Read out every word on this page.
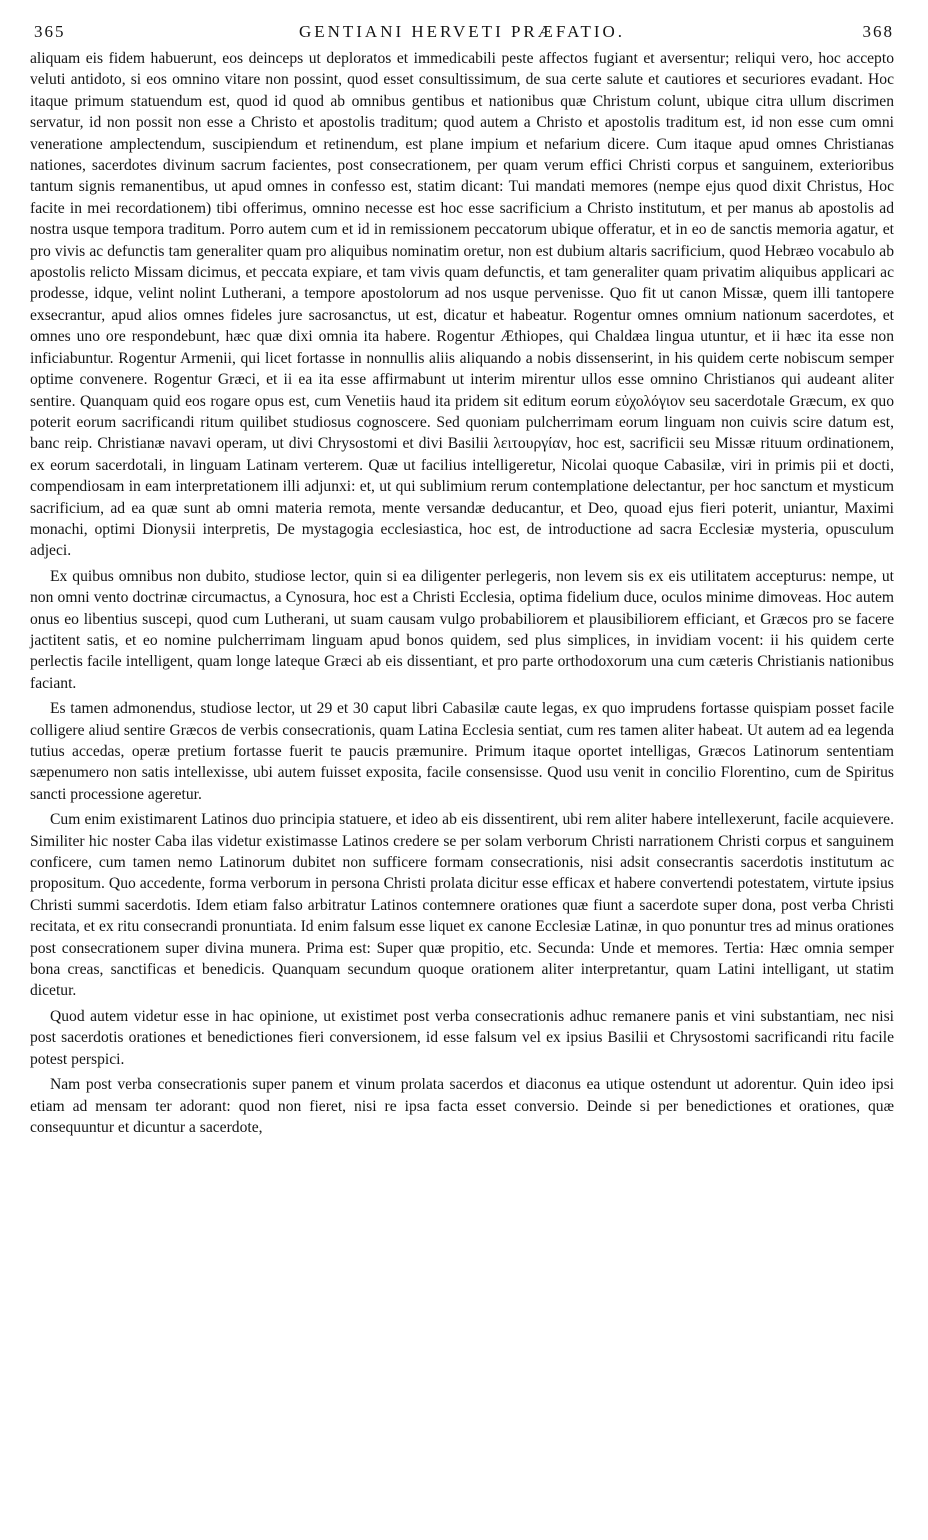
365	GENTIANI HERVETI PRÆFATIO.	368

aliquam eis fidem habuerunt, eos deinceps ut deploratos et immedicabili peste affectos fugiant et aversentur; reliqui vero, hoc accepto veluti antidoto, si eos omnino vitare non possint, quod esset consultissimum, de sua certe salute et cautiores et securiores evadant. Hoc itaque primum statuendum est, quod id quod ab omnibus gentibus et nationibus quæ Christum colunt, ubique citra ullum discrimen servatur, id non possit non esse a Christo et apostolis traditum; quod autem a Christo et apostolis traditum est, id non esse cum omni veneratione amplectendum, suscipiendum et retinendum, est plane impium et nefarium dicere. Cum itaque apud omnes Christianas nationes, sacerdotes divinum sacrum facientes, post consecrationem, per quam verum effici Christi corpus et sanguinem, exterioribus tantum signis remanentibus, ut apud omnes in confesso est, statim dicant: Tui mandati memores (nempe ejus quod dixit Christus, Hoc facite in mei recordationem) tibi offerimus, omnino necesse est hoc esse sacrificium a Christo institutum, et per manus ab apostolis ad nostra usque tempora traditum. Porro autem cum et id in remissionem peccatorum ubique offeratur, et in eo de sanctis memoria agatur, et pro vivis ac defunctis tam generaliter quam pro aliquibus nominatim oretur, non est dubium altaris sacrificium, quod Hebræo vocabulo ab apostolis relicto Missam dicimus, et peccata expiare, et tam vivis quam defunctis, et tam generaliter quam privatim aliquibus applicari ac prodesse, idque, velint nolint Lutherani, a tempore apostolorum ad nos usque pervenisse. Quo fit ut canon Missæ, quem illi tantopere exsecrantur, apud alios omnes fideles jure sacrosanctus, ut est, dicatur et habeatur. Rogentur omnes omnium nationum sacerdotes, et omnes uno ore respondebunt, hæc quæ dixi omnia ita habere. Rogentur Æthiopes, qui Chaldæa lingua utuntur, et ii hæc ita esse non inficiabuntur. Rogentur Armenii, qui licet fortasse in nonnullis aliis aliquando a nobis dissenserint, in his quidem certe nobiscum semper optime convenere. Rogentur Græci, et ii ea ita esse affirmabunt ut interim mirentur ullos esse omnino Christianos qui audeant aliter sentire. Quanquam quid eos rogare opus est, cum Venetiis haud ita pridem sit editum eorum εὐχολόγιον seu sacerdotale Græcum, ex quo poterit eorum sacrificandi ritum quilibet studiosus cognoscere. Sed quoniam pulcherrimam eorum linguam non cuivis scire datum est, banc reip. Christianæ navavi operam, ut divi Chrysostomi et divi Basilii λειτουργίαν, hoc est, sacrificii seu Missæ rituum ordinationem, ex eorum sacerdotali, in linguam Latinam verterem. Quæ ut facilius intelligeretur, Nicolai quoque Cabasilæ, viri in primis pii et docti, compendiosam in eam interpretationem illi adjunxi: et, ut qui sublimium rerum contemplatione delectantur, per hoc sanctum et mysticum sacrificium, ad ea quæ sunt ab omni materia remota, mente versandæ deducantur, et Deo, quoad ejus fieri poterit, uniantur, Maximi monachi, optimi Dionysii interpretis, De mystagogia ecclesiastica, hoc est, de introductione ad sacra Ecclesiæ mysteria, opusculum adjeci.

Ex quibus omnibus non dubito, studiose lector, quin si ea diligenter perlegeris, non levem sis ex eis utilitatem accepturus: nempe, ut non omni vento doctrinæ circumactus, a Cynosura, hoc est a Christi Ecclesia, optima fidelium duce, oculos minime dimoveas. Hoc autem onus eo libentius suscepi, quod cum Lutherani, ut suam causam vulgo probabiliorem et plausibiliorem efficiant, et Græcos pro se facere jactitent satis, et eo nomine pulcherrimam linguam apud bonos quidem, sed plus simplices, in invidiam vocent: ii his quidem certe perlectis facile intelligent, quam longe lateque Græci ab eis dissentiant, et pro parte orthodoxorum una cum cæteris Christianis nationibus faciant.

Es tamen admonendus, studiose lector, ut 29 et 30 caput libri Cabasilæ caute legas, ex quo imprudens fortasse quispiam posset facile colligere aliud sentire Græcos de verbis consecrationis, quam Latina Ecclesia sentiat, cum res tamen aliter habeat. Ut autem ad ea legenda tutius accedas, operæ pretium fortasse fuerit te paucis præmunire. Primum itaque oportet intelligas, Græcos Latinorum sententiam sæpenumero non satis intellexisse, ubi autem fuisset exposita, facile consensisse. Quod usu venit in concilio Florentino, cum de Spiritus sancti processione ageretur.

Cum enim existimarent Latinos duo principia statuere, et ideo ab eis dissentirent, ubi rem aliter habere intellexerunt, facile acquievere. Similiter hic noster Caba ilas videtur existimasse Latinos credere se per solam verborum Christi narrationem Christi corpus et sanguinem conficere, cum tamen nemo Latinorum dubitet non sufficere formam consecrationis, nisi adsit consecrantis sacerdotis institutum ac propositum. Quo accedente, forma verborum in persona Christi prolata dicitur esse efficax et habere convertendi potestatem, virtute ipsius Christi summi sacerdotis. Idem etiam falso arbitratur Latinos contemnere orationes quæ fiunt a sacerdote super dona, post verba Christi recitata, et ex ritu consecrandi pronuntiata. Id enim falsum esse liquet ex canone Ecclesiæ Latinæ, in quo ponuntur tres ad minus orationes post consecrationem super divina munera. Prima est: Super quæ propitio, etc. Secunda: Unde et memores. Tertia: Hæc omnia semper bona creas, sanctificas et benedicis. Quanquam secundum quoque orationem aliter interpretantur, quam Latini intelligant, ut statim dicetur.

Quod autem videtur esse in hac opinione, ut existimet post verba consecrationis adhuc remanere panis et vini substantiam, nec nisi post sacerdotis orationes et benedictiones fieri conversionem, id esse falsum vel ex ipsius Basilii et Chrysostomi sacrificandi ritu facile potest perspici.

Nam post verba consecrationis super panem et vinum prolata sacerdos et diaconus ea utique ostendunt ut adorentur. Quin ideo ipsi etiam ad mensam ter adorant: quod non fieret, nisi re ipsa facta esset conversio. Deinde si per benedictiones et orationes, quæ consequuntur et dicuntur a sacerdote,
